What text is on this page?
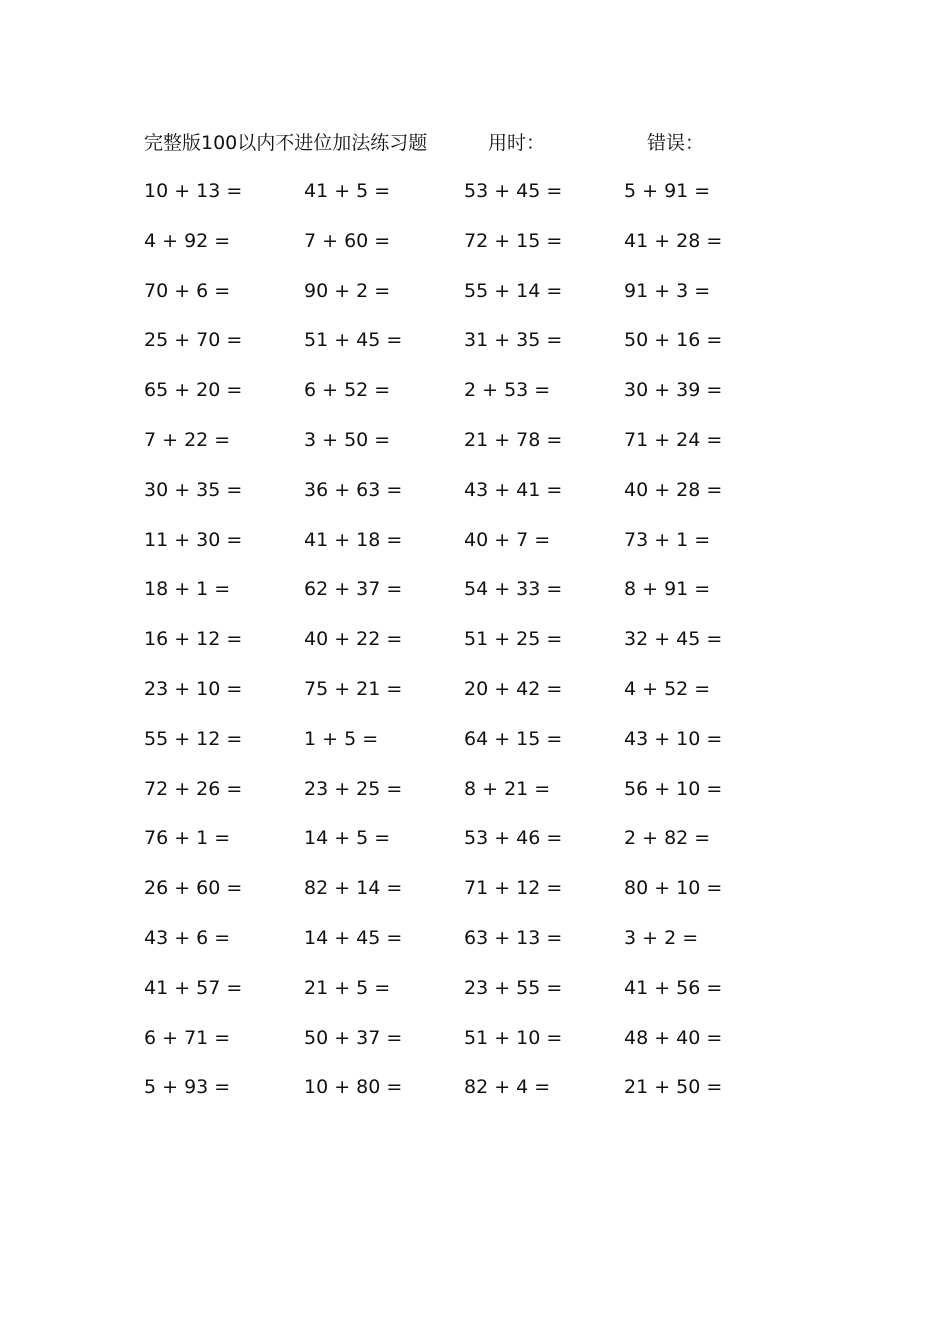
完整版100以内不进位加法练习题	用时：	错误：
10 + 13 =	41 + 5 =	53 + 45 =	5 + 91 =
4 + 92 =	7 + 60 =	72 + 15 =	41 + 28 =
70 + 6 =	90 + 2 =	55 + 14 =	91 + 3 =
25 + 70 =	51 + 45 =	31 + 35 =	50 + 16 =
65 + 20 =	6 + 52 =	2 + 53 =	30 + 39 =
7 + 22 =	3 + 50 =	21 + 78 =	71 + 24 =
30 + 35 =	36 + 63 =	43 + 41 =	40 + 28 =
11 + 30 =	41 + 18 =	40 + 7 =	73 + 1 =
18 + 1 =	62 + 37 =	54 + 33 =	8 + 91 =
16 + 12 =	40 + 22 =	51 + 25 =	32 + 45 =
23 + 10 =	75 + 21 =	20 + 42 =	4 + 52 =
55 + 12 =	1 + 5 =	64 + 15 =	43 + 10 =
72 + 26 =	23 + 25 =	8 + 21 =	56 + 10 =
76 + 1 =	14 + 5 =	53 + 46 =	2 + 82 =
26 + 60 =	82 + 14 =	71 + 12 =	80 + 10 =
43 + 6 =	14 + 45 =	63 + 13 =	3 + 2 =
41 + 57 =	21 + 5 =	23 + 55 =	41 + 56 =
6 + 71 =	50 + 37 =	51 + 10 =	48 + 40 =
5 + 93 =	10 + 80 =	82 + 4 =	21 + 50 =
